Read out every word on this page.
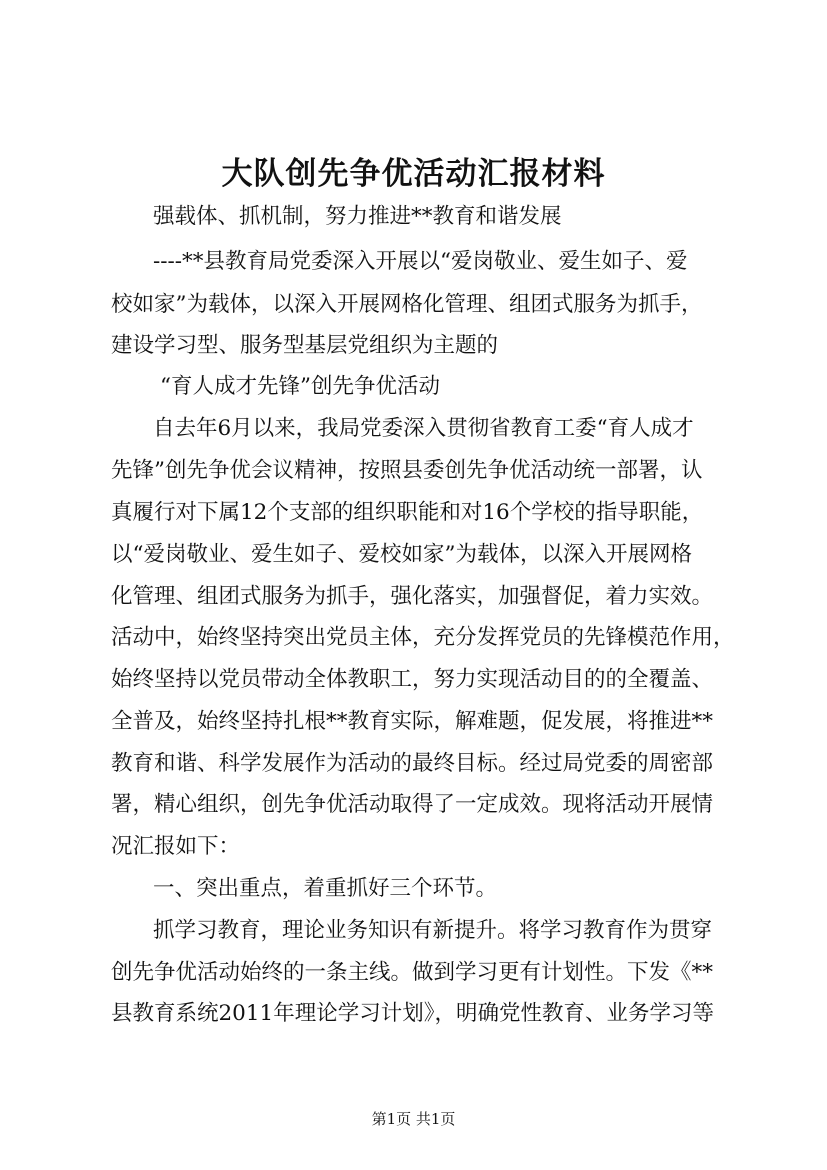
大队创先争优活动汇报材料
强载体、抓机制，努力推进**教育和谐发展
----**县教育局党委深入开展以“爱岗敬业、爱生如子、爱
校如家”为载体，以深入开展网格化管理、组团式服务为抓手，
建设学习型、服务型基层党组织为主题的
“育人成才先锋”创先争优活动
自去年6月以来，我局党委深入贯彻省教育工委“育人成才
先锋”创先争优会议精神，按照县委创先争优活动统一部署，认
真履行对下属12个支部的组织职能和对16个学校的指导职能，
以“爱岗敬业、爱生如子、爱校如家”为载体，以深入开展网格
化管理、组团式服务为抓手，强化落实，加强督促，着力实效。
活动中，始终坚持突出党员主体，充分发挥党员的先锋模范作用，
始终坚持以党员带动全体教职工，努力实现活动目的的全覆盖、
全普及，始终坚持扎根**教育实际，解难题，促发展，将推进**
教育和谐、科学发展作为活动的最终目标。经过局党委的周密部
署，精心组织，创先争优活动取得了一定成效。现将活动开展情
况汇报如下：
一、突出重点，着重抓好三个环节。
抓学习教育，理论业务知识有新提升。将学习教育作为贯穿
创先争优活动始终的一条主线。做到学习更有计划性。下发《**
县教育系统2011年理论学习计划》，明确党性教育、业务学习等
第1页 共1页
